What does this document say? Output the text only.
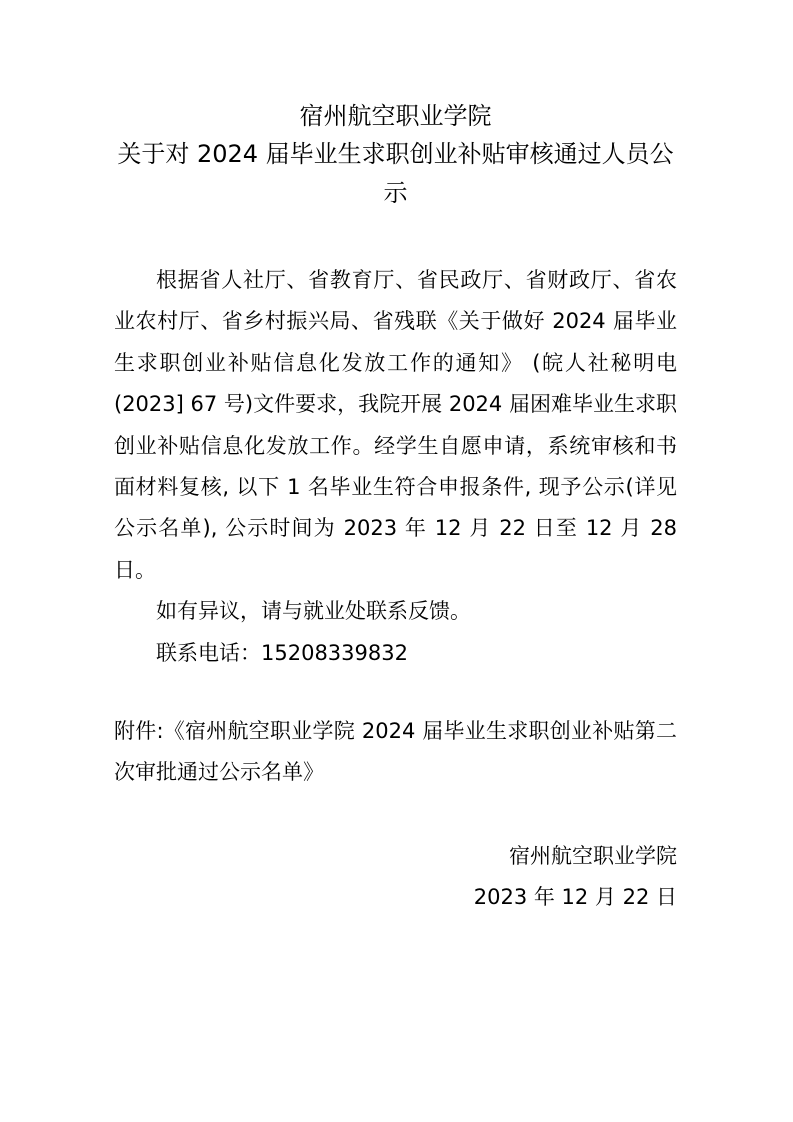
宿州航空职业学院
关于对 2024 届毕业生求职创业补贴审核通过人员公示

根据省人社厅、省教育厅、省民政厅、省财政厅、省农业农村厅、省乡村振兴局、省残联《关于做好 2024 届毕业生求职创业补贴信息化发放工作的通知》 (皖人社秘明电(2023] 67 号)文件要求，我院开展 2024 届困难毕业生求职创业补贴信息化发放工作。经学生自愿申请，系统审核和书面材料复核, 以下 1 名毕业生符合申报条件, 现予公示(详见公示名单), 公示时间为 2023 年 12 月 22 日至 12 月 28 日。

如有异议，请与就业处联系反馈。

联系电话：15208339832

附件:《宿州航空职业学院 2024 届毕业生求职创业补贴第二次审批通过公示名单》

宿州航空职业学院

2023 年 12 月 22 日
